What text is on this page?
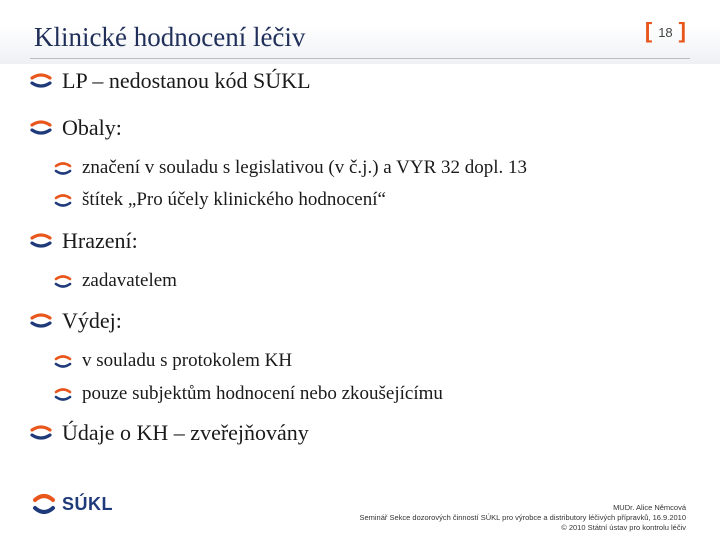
Klinické hodnocení léčiv	[ 18 ]
LP – nedostanou kód SÚKL
Obaly:
značení v souladu s legislativou (v č.j.) a VYR 32 dopl. 13
štítek „Pro účely klinického hodnocení“
Hrazení:
zadavatelem
Výdej:
v souladu s protokolem KH
pouze subjektům hodnocení nebo zkoušejícímu
Údaje o KH – zveřejňovány
SÚKL	MUDr. Alice Němcová
Seminář Sekce dozorových činností SÚKL pro výrobce a distributory léčivých přípravků, 16.9.2010
© 2010 Státní ústav pro kontrolu léčiv
